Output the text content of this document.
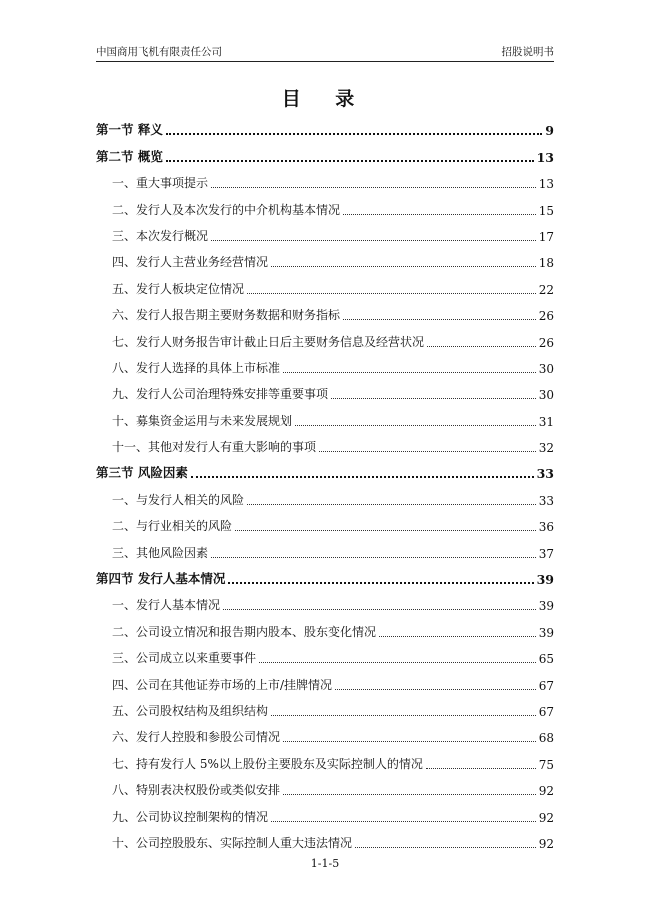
中国商用飞机有限责任公司	招股说明书
目 录
第一节 释义	9
第二节 概览	13
一、重大事项提示	13
二、发行人及本次发行的中介机构基本情况	15
三、本次发行概况	17
四、发行人主营业务经营情况	18
五、发行人板块定位情况	22
六、发行人报告期主要财务数据和财务指标	26
七、发行人财务报告审计截止日后主要财务信息及经营状况	26
八、发行人选择的具体上市标准	30
九、发行人公司治理特殊安排等重要事项	30
十、募集资金运用与未来发展规划	31
十一、其他对发行人有重大影响的事项	32
第三节 风险因素	33
一、与发行人相关的风险	33
二、与行业相关的风险	36
三、其他风险因素	37
第四节 发行人基本情况	39
一、发行人基本情况	39
二、公司设立情况和报告期内股本、股东变化情况	39
三、公司成立以来重要事件	65
四、公司在其他证券市场的上市/挂牌情况	67
五、公司股权结构及组织结构	67
六、发行人控股和参股公司情况	68
七、持有发行人 5%以上股份主要股东及实际控制人的情况	75
八、特别表决权股份或类似安排	92
九、公司协议控制架构的情况	92
十、公司控股股东、实际控制人重大违法情况	92
1-1-5
